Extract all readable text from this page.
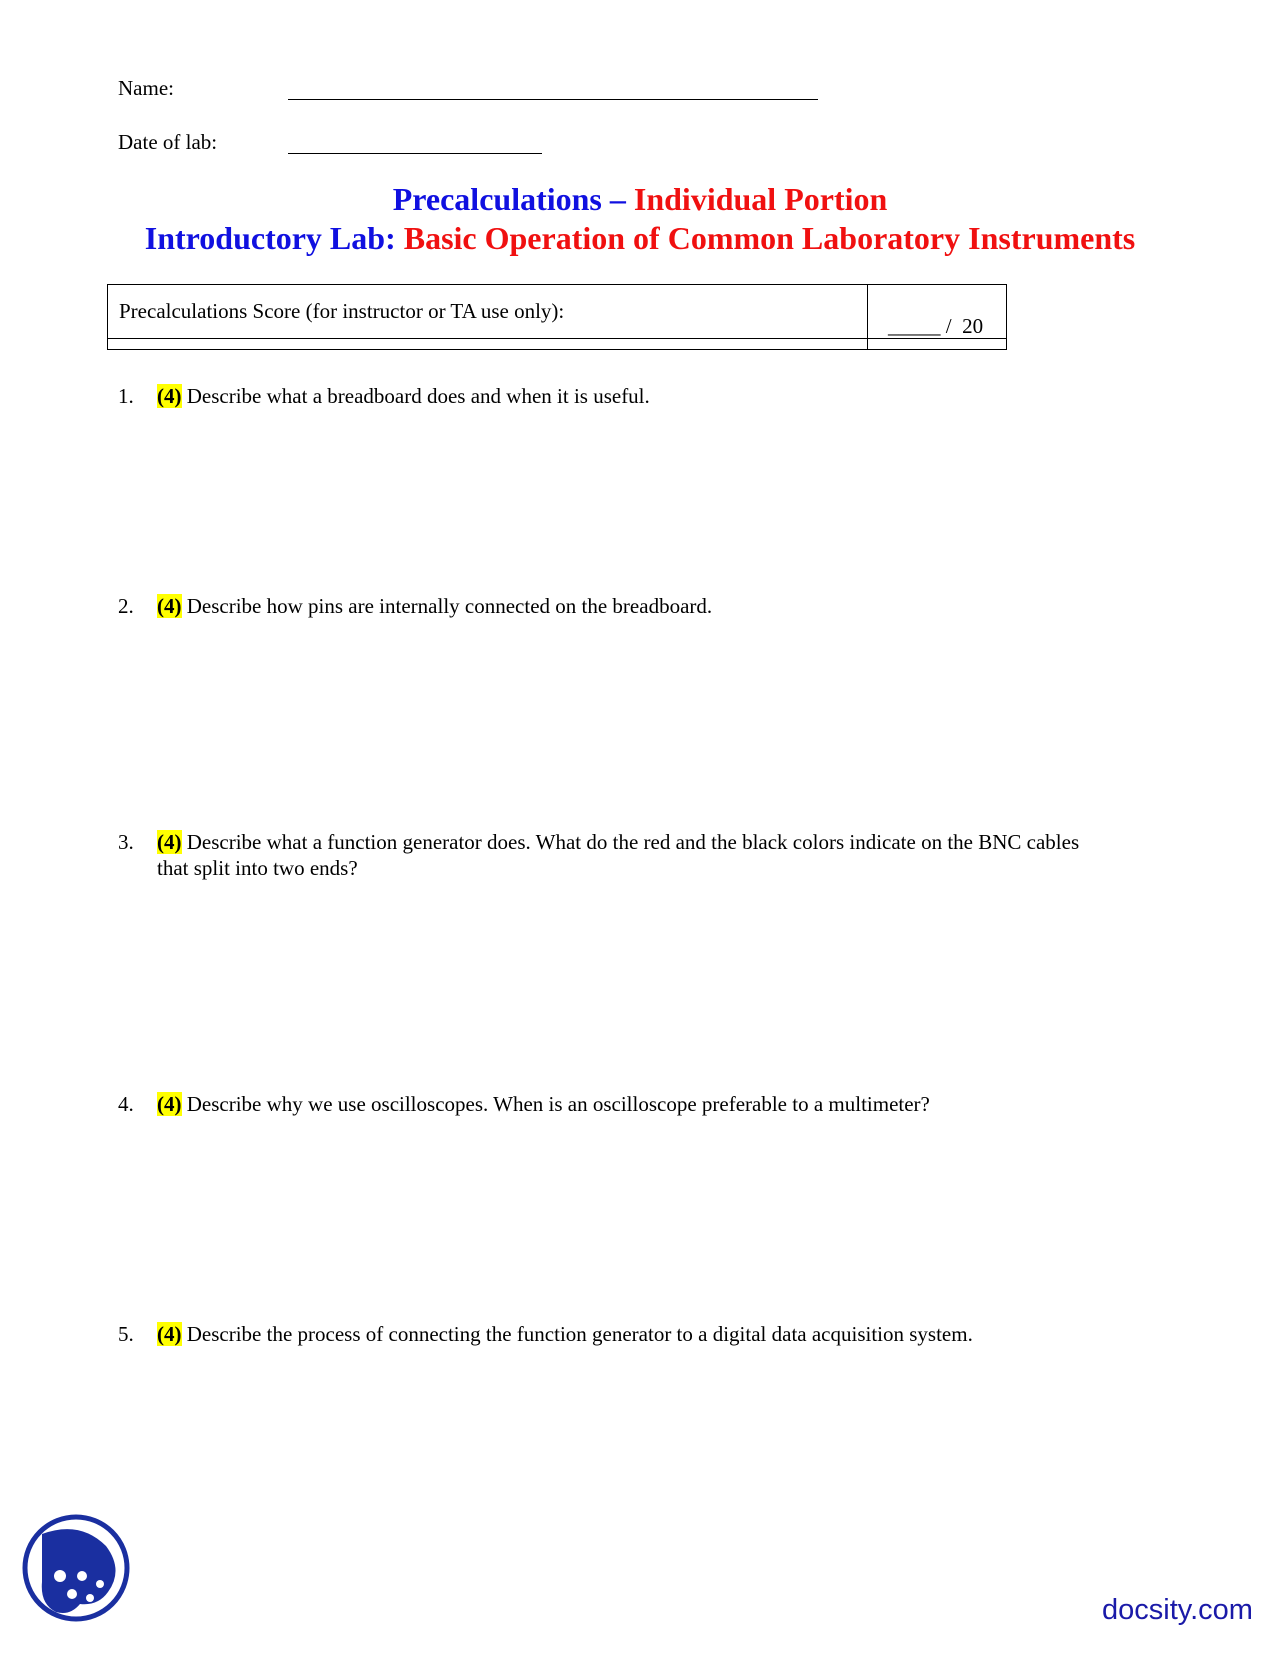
Name:
Date of lab:
Precalculations – Individual Portion
Introductory Lab: Basic Operation of Common Laboratory Instruments
Precalculations Score (for instructor or TA use only):
_____ /  20
1. (4) Describe what a breadboard does and when it is useful.
2. (4) Describe how pins are internally connected on the breadboard.
3. (4) Describe what a function generator does. What do the red and the black colors indicate on the BNC cables that split into two ends?
4. (4) Describe why we use oscilloscopes. When is an oscilloscope preferable to a multimeter?
5. (4) Describe the process of connecting the function generator to a digital data acquisition system.
docsity.com
